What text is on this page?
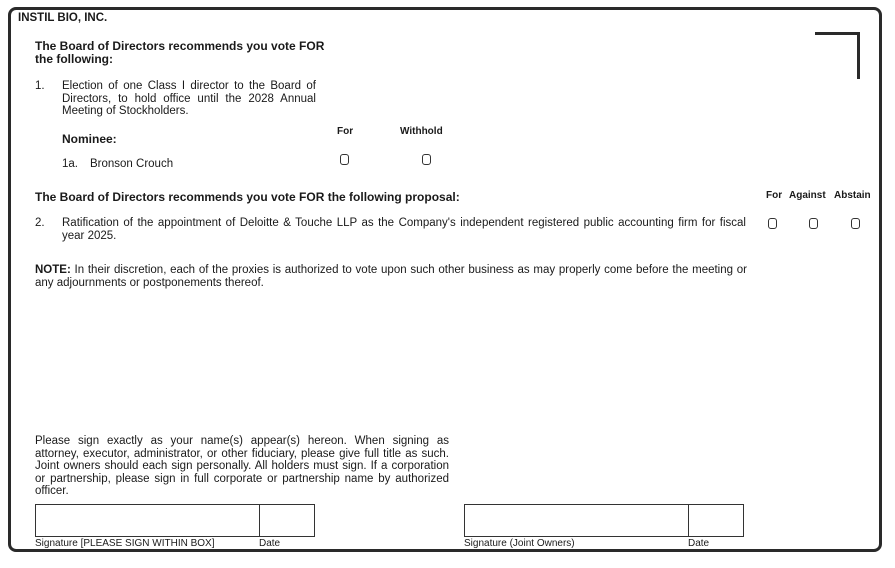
INSTIL BIO, INC.
The Board of Directors recommends you vote FOR the following:
1. Election of one Class I director to the Board of Directors, to hold office until the 2028 Annual Meeting of Stockholders.
For	Withhold
Nominee:
1a. Bronson Crouch
The Board of Directors recommends you vote FOR the following proposal:	For Against Abstain
2. Ratification of the appointment of Deloitte & Touche LLP as the Company's independent registered public accounting firm for fiscal year 2025.
NOTE: In their discretion, each of the proxies is authorized to vote upon such other business as may properly come before the meeting or any adjournments or postponements thereof.
Please sign exactly as your name(s) appear(s) hereon. When signing as attorney, executor, administrator, or other fiduciary, please give full title as such. Joint owners should each sign personally. All holders must sign. If a corporation or partnership, please sign in full corporate or partnership name by authorized officer.
Signature [PLEASE SIGN WITHIN BOX]	Date	Signature (Joint Owners)	Date
